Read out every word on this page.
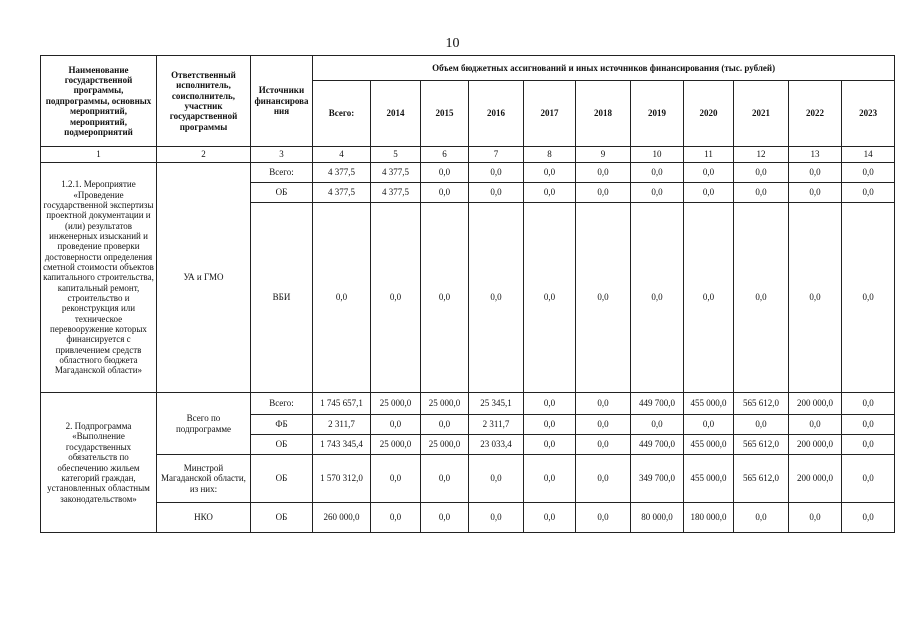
10
Наименование государственной программы, подпрограммы, основных мероприятий, мероприятий, подмероприятий	Ответственный исполнитель, соисполнитель, участник государственной программы	Источники финансирова ния	Объем бюджетных ассигнований и иных источников финансирования (тыс. рублей)										
			Всего:	2014	2015	2016	2017	2018	2019	2020	2021	2022	2023
1	2	3	4	5	6	7	8	9	10	11	12	13	14
1.2.1. Мероприятие «Проведение государственной экспертизы проектной документации и (или) результатов инженерных изысканий и проведение проверки достоверности определения сметной стоимости объектов капитального строительства, капитальный ремонт, строительство и реконструкция или техническое перевооружение которых финансируется с привлечением средств областного бюджета Магаданской области»	УА и ГМО	Всего:	4 377,5	4 377,5	0,0	0,0	0,0	0,0	0,0	0,0	0,0	0,0	0,0
		ОБ	4 377,5	4 377,5	0,0	0,0	0,0	0,0	0,0	0,0	0,0	0,0	0,0
		ВБИ	0,0	0,0	0,0	0,0	0,0	0,0	0,0	0,0	0,0	0,0	0,0
2. Подпрограмма «Выполнение государственных обязательств по обеспечению жильем категорий граждан, установленных областным законодательством»	Всего по подпрограмме	Всего:	1 745 657,1	25 000,0	25 000,0	25 345,1	0,0	0,0	449 700,0	455 000,0	565 612,0	200 000,0	0,0
		ФБ	2 311,7	0,0	0,0	2 311,7	0,0	0,0	0,0	0,0	0,0	0,0	0,0
		ОБ	1 743 345,4	25 000,0	25 000,0	23 033,4	0,0	0,0	449 700,0	455 000,0	565 612,0	200 000,0	0,0
	Минстрой Магаданской области, из них:	ОБ	1 570 312,0	0,0	0,0	0,0	0,0	0,0	349 700,0	455 000,0	565 612,0	200 000,0	0,0
	НКО	ОБ	260 000,0	0,0	0,0	0,0	0,0	0,0	80 000,0	180 000,0	0,0	0,0	0,0
